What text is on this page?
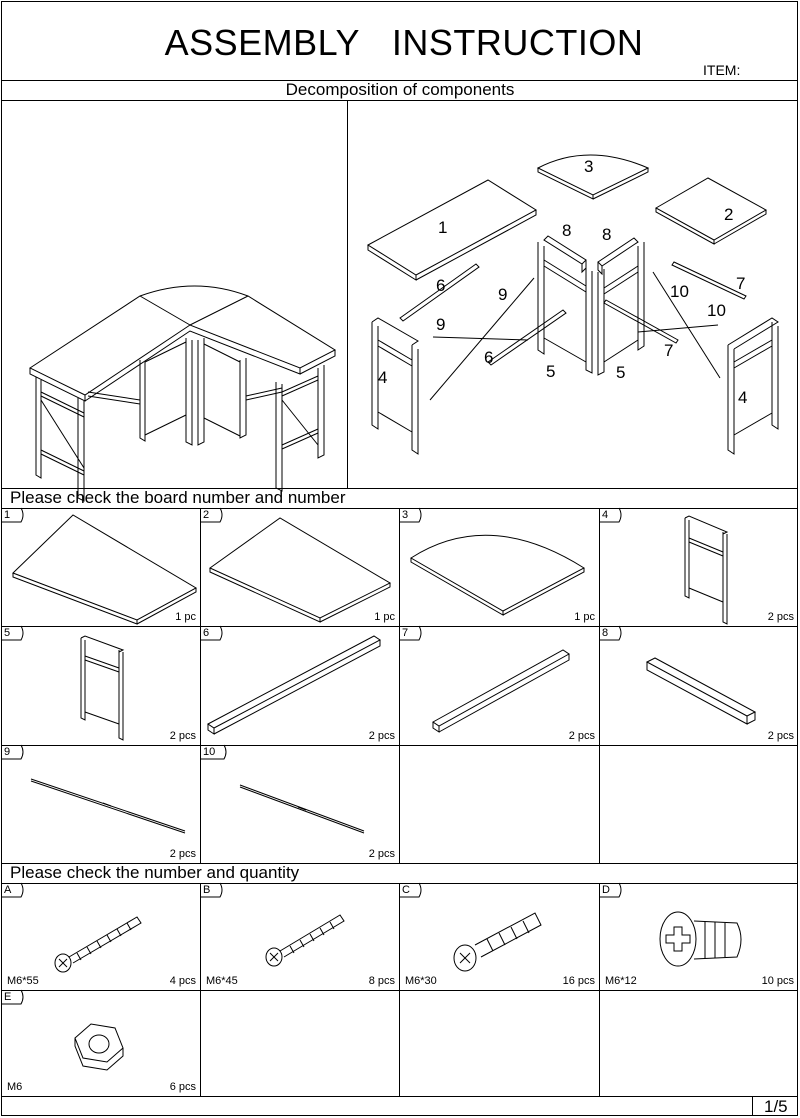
ASSEMBLY INSTRUCTION
ITEM:
Decomposition of components
1
2
3
4
4
5	5
6
6
7
7
8 8
9
9
10
10
Please check the board number and number
1
1 pc
2
1 pc
3
1 pc
4
2 pcs
5
2 pcs
6
2 pcs
7
2 pcs
8
2 pcs
9
2 pcs
10
2 pcs
Please check the number and quantity
A
M6*55	4 pcs
B
M6*45	8 pcs
C
M6*30	16 pcs
D
M6*12	10 pcs
E
M6	6 pcs
1/5
